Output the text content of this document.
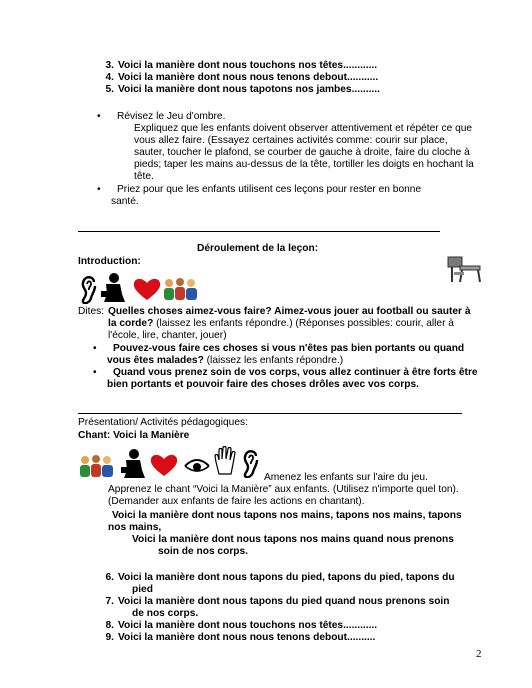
3. Voici la manière dont nous touchons nos têtes............
4. Voici la manière dont nous nous tenons debout...........
5. Voici la manière dont nous tapotons nos jambes..........
• Révisez le Jeu d'ombre.
Expliquez que les enfants doivent observer attentivement et répéter ce que
vous allez faire. (Essayez certaines activités comme: courir sur place,
sauter, toucher le plafond, se courber de gauche à droite, faire du cloche à
pieds; taper les mains au-dessus de la tête, tortiller les doigts en hochant la
tête.
• Priez pour que les enfants utilisent ces leçons pour rester en bonne
santé.
Déroulement de la leçon:
Introduction:
Dites: Quelles choses aimez-vous faire? Aimez-vous jouer au football ou sauter à
la corde? (laissez les enfants répondre.) (Réponses possibles: courir, aller à
l'école, lire, chanter, jouer)
• Pouvez-vous faire ces choses si vous n'êtes pas bien portants ou quand
vous êtes malades? (laissez les enfants répondre.)
• Quand vous prenez soin de vos corps, vous allez continuer à être forts être
bien portants et pouvoir faire des choses drôles avec vos corps.
Présentation/ Activités pédagogiques:
Chant: Voici la Manière
Amenez les enfants sur l'aire du jeu.
Apprenez le chant “Voici la Manière” aux enfants. (Utilisez n'importe quel ton).
(Demander aux enfants de faire les actions en chantant).
Voici la manière dont nous tapons nos mains, tapons nos mains, tapons
nos mains,
Voici la manière dont nous tapons nos mains quand nous prenons
soin de nos corps.
6. Voici la manière dont nous tapons du pied, tapons du pied, tapons du
pied
7. Voici la manière dont nous tapons du pied quand nous prenons soin
de nos corps.
8. Voici la manière dont nous touchons nos têtes............
9. Voici la manière dont nous nous tenons debout..........
2
